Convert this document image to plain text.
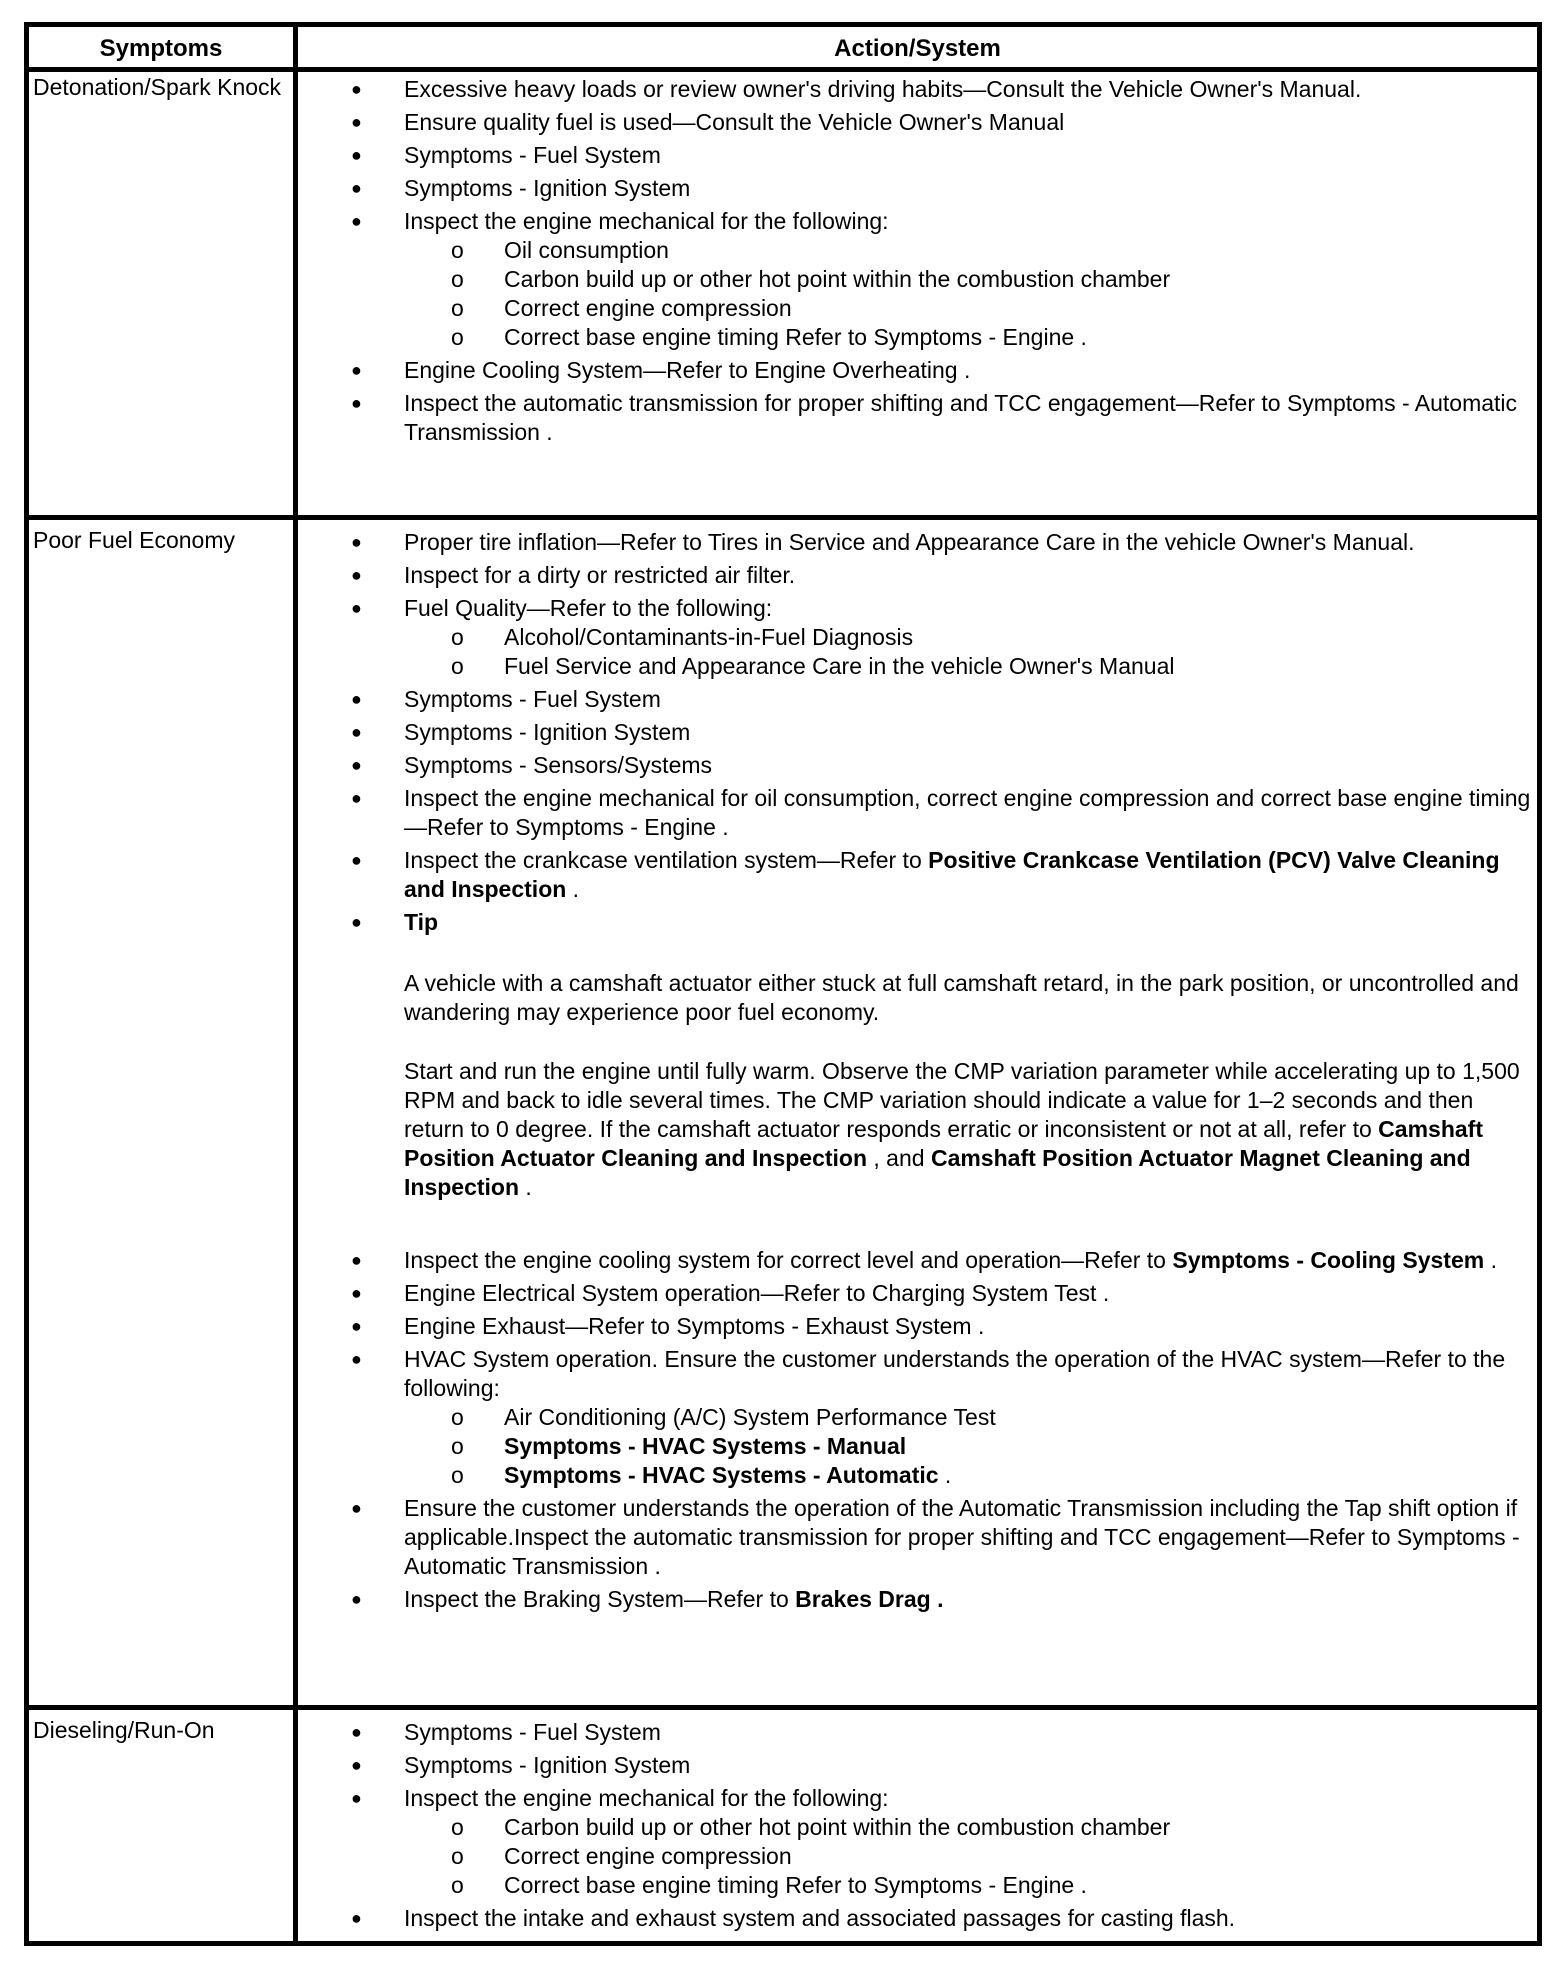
Symptoms	Action/System
Detonation/Spark Knock	● Excessive heavy loads or review owner's driving habits—Consult the Vehicle Owner's Manual.
● Ensure quality fuel is used—Consult the Vehicle Owner's Manual
● Symptoms - Fuel System
● Symptoms - Ignition System
● Inspect the engine mechanical for the following:
o Oil consumption
o Carbon build up or other hot point within the combustion chamber
o Correct engine compression
o Correct base engine timing Refer to Symptoms - Engine .
● Engine Cooling System—Refer to Engine Overheating .
● Inspect the automatic transmission for proper shifting and TCC engagement—Refer to Symptoms - Automatic Transmission .
Poor Fuel Economy	● Proper tire inflation—Refer to Tires in Service and Appearance Care in the vehicle Owner's Manual.
● Inspect for a dirty or restricted air filter.
● Fuel Quality—Refer to the following:
o Alcohol/Contaminants-in-Fuel Diagnosis
o Fuel Service and Appearance Care in the vehicle Owner's Manual
● Symptoms - Fuel System
● Symptoms - Ignition System
● Symptoms - Sensors/Systems
● Inspect the engine mechanical for oil consumption, correct engine compression and correct base engine timing—Refer to Symptoms - Engine .
● Inspect the crankcase ventilation system—Refer to Positive Crankcase Ventilation (PCV) Valve Cleaning and Inspection .
● Tip
A vehicle with a camshaft actuator either stuck at full camshaft retard, in the park position, or uncontrolled and wandering may experience poor fuel economy.
Start and run the engine until fully warm. Observe the CMP variation parameter while accelerating up to 1,500 RPM and back to idle several times. The CMP variation should indicate a value for 1–2 seconds and then return to 0 degree. If the camshaft actuator responds erratic or inconsistent or not at all, refer to Camshaft Position Actuator Cleaning and Inspection , and Camshaft Position Actuator Magnet Cleaning and Inspection .
● Inspect the engine cooling system for correct level and operation—Refer to Symptoms - Cooling System .
● Engine Electrical System operation—Refer to Charging System Test .
● Engine Exhaust—Refer to Symptoms - Exhaust System .
● HVAC System operation. Ensure the customer understands the operation of the HVAC system—Refer to the following:
o Air Conditioning (A/C) System Performance Test
o Symptoms - HVAC Systems - Manual
o Symptoms - HVAC Systems - Automatic .
● Ensure the customer understands the operation of the Automatic Transmission including the Tap shift option if applicable.Inspect the automatic transmission for proper shifting and TCC engagement—Refer to Symptoms - Automatic Transmission .
● Inspect the Braking System—Refer to Brakes Drag .
Dieseling/Run-On	● Symptoms - Fuel System
● Symptoms - Ignition System
● Inspect the engine mechanical for the following:
o Carbon build up or other hot point within the combustion chamber
o Correct engine compression
o Correct base engine timing Refer to Symptoms - Engine .
● Inspect the intake and exhaust system and associated passages for casting flash.
